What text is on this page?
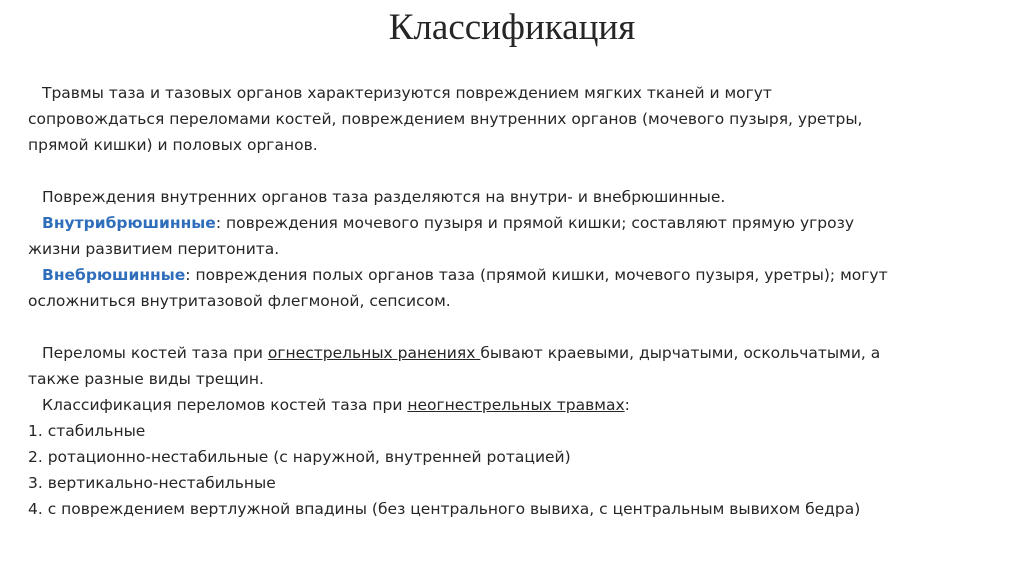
Классификация

Травмы таза и тазовых органов характеризуются повреждением мягких тканей и могут

сопровождаться переломами костей, повреждением внутренних органов (мочевого пузыря, уретры,

прямой кишки) и половых органов.

Повреждения внутренних органов таза разделяются на внутри- и внебрюшинные.

Внутрибрюшинные: повреждения мочевого пузыря и прямой кишки; составляют прямую угрозу

жизни развитием перитонита.

Внебрюшинные: повреждения полых органов таза (прямой кишки, мочевого пузыря, уретры); могут

осложниться внутритазовой флегмоной, сепсисом.

Переломы костей таза при огнестрельных ранениях бывают краевыми, дырчатыми, оскольчатыми, а

также разные виды трещин.

Классификация переломов костей таза при неогнестрельных травмах:

1. стабильные

2. ротационно-нестабильные (с наружной, внутренней ротацией)

3. вертикально-нестабильные

4. с повреждением вертлужной впадины (без центрального вывиха, с центральным вывихом бедра)
